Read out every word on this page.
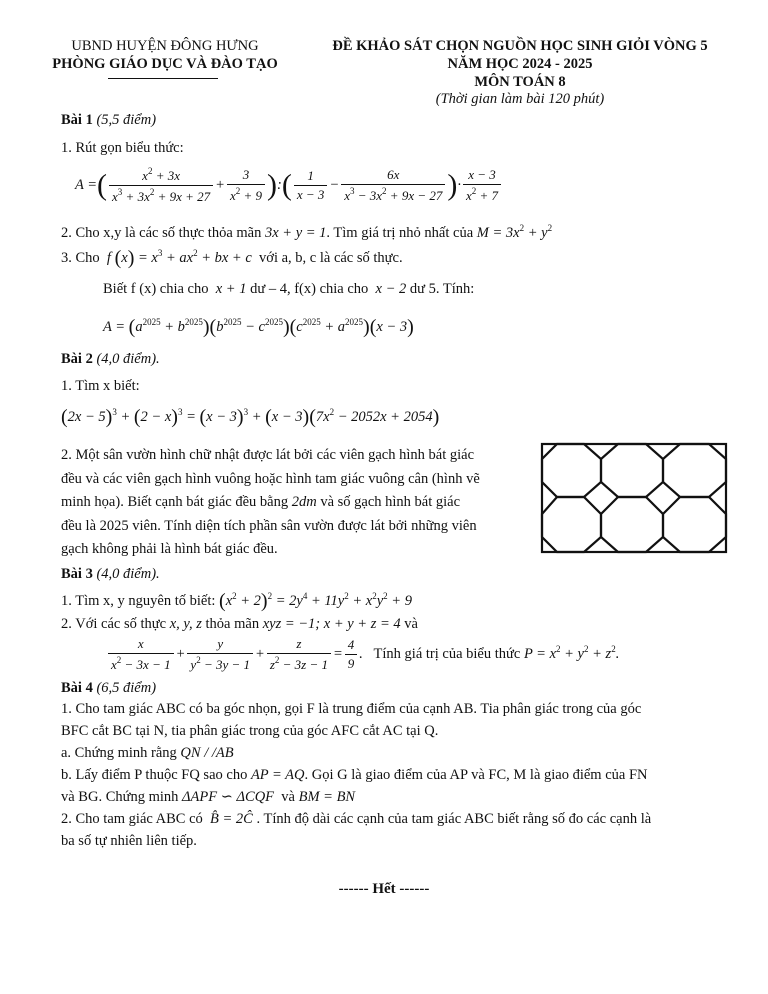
UBND HUYỆN ĐÔNG HƯNG
PHÒNG GIÁO DỤC VÀ ĐÀO TẠO
ĐỀ KHẢO SÁT CHỌN NGUỒN HỌC SINH GIỎI VÒNG 5
NĂM HỌC 2024 - 2025
MÔN TOÁN 8
(Thời gian làm bài 120 phút)
Bài 1 (5,5 điểm)
1. Rút gọn biểu thức:
A =( $\frac{x^2 + 3x}{x^3 + 3x^2 + 9x + 27} + \frac{3}{x^2 + 9}$ ):( $\frac{1}{x - 3} - \frac{6x}{x^3 - 3x^2 + 9x - 27}$ )· $\frac{x - 3}{x^2 + 7}$
2. Cho x,y là các số thực thỏa mãn 3x + y = 1. Tìm giá trị nhỏ nhất của $M = 3x^2 + y^2$
3. Cho f $(x) = x^3 + ax^2$ + bx + c với a, b, c là các số thực.
Biết f (x) chia cho x + 1 dư – 4, f(x) chia cho x − 2 dư 5. Tính:
$A = (a^{2025} + b^{2025})(b^{2025} - c^{2025})(c^{2025} + a^{2025})(x - 3)$
Bài 2 (4,0 điểm).
1. Tìm x biết:
$(2x - 5)^3 + (2 - x)^3 = (x - 3)^3 + (x - 3)(7x^2 - 2052x + 2054)$
2. Một sân vườn hình chữ nhật được lát bởi các viên gạch hình bát giác
đều và các viên gạch hình vuông hoặc hình tam giác vuông cân (hình vẽ
minh họa). Biết cạnh bát giác đều bằng 2dm và số gạch hình bát giác
đều là 2025 viên. Tính diện tích phần sân vườn được lát bởi những viên
gạch không phải là hình bát giác đều.
Bài 3 (4,0 điểm).
1. Tìm x, y nguyên tố biết: $(x^2 + 2)^2 = 2y^4 + 11y^2 + x^2y^2 + 9$
2. Với các số thực x, y, z thỏa mãn xyz = −1; x + y + z = 4 và
$\frac{x}{x^2 - 3x - 1} + \frac{y}{y^2 - 3y - 1} + \frac{z}{z^2 - 3z - 1} = \frac{4}{9}$ .   Tính giá trị của biểu thức $P = x^2 + y^2 + z^2$.
Bài 4 (6,5 điểm)
1. Cho tam giác ABC có ba góc nhọn, gọi F là trung điểm của cạnh AB. Tia phân giác trong của góc
BFC cắt BC tại N, tia phân giác trong của góc AFC cắt AC tại Q.
a. Chứng minh rằng QN / /AB
b. Lấy điểm P thuộc FQ sao cho AP = AQ. Gọi G là giao điểm của AP và FC, M là giao điểm của FN
và BG. Chứng minh ΔAPF ∽ ΔCQF và BM = BN
2. Cho tam giác ABC có B̂ = 2Ĉ . Tính độ dài các cạnh của tam giác ABC biết rằng số đo các cạnh là
ba số tự nhiên liên tiếp.
------ Hết ------
